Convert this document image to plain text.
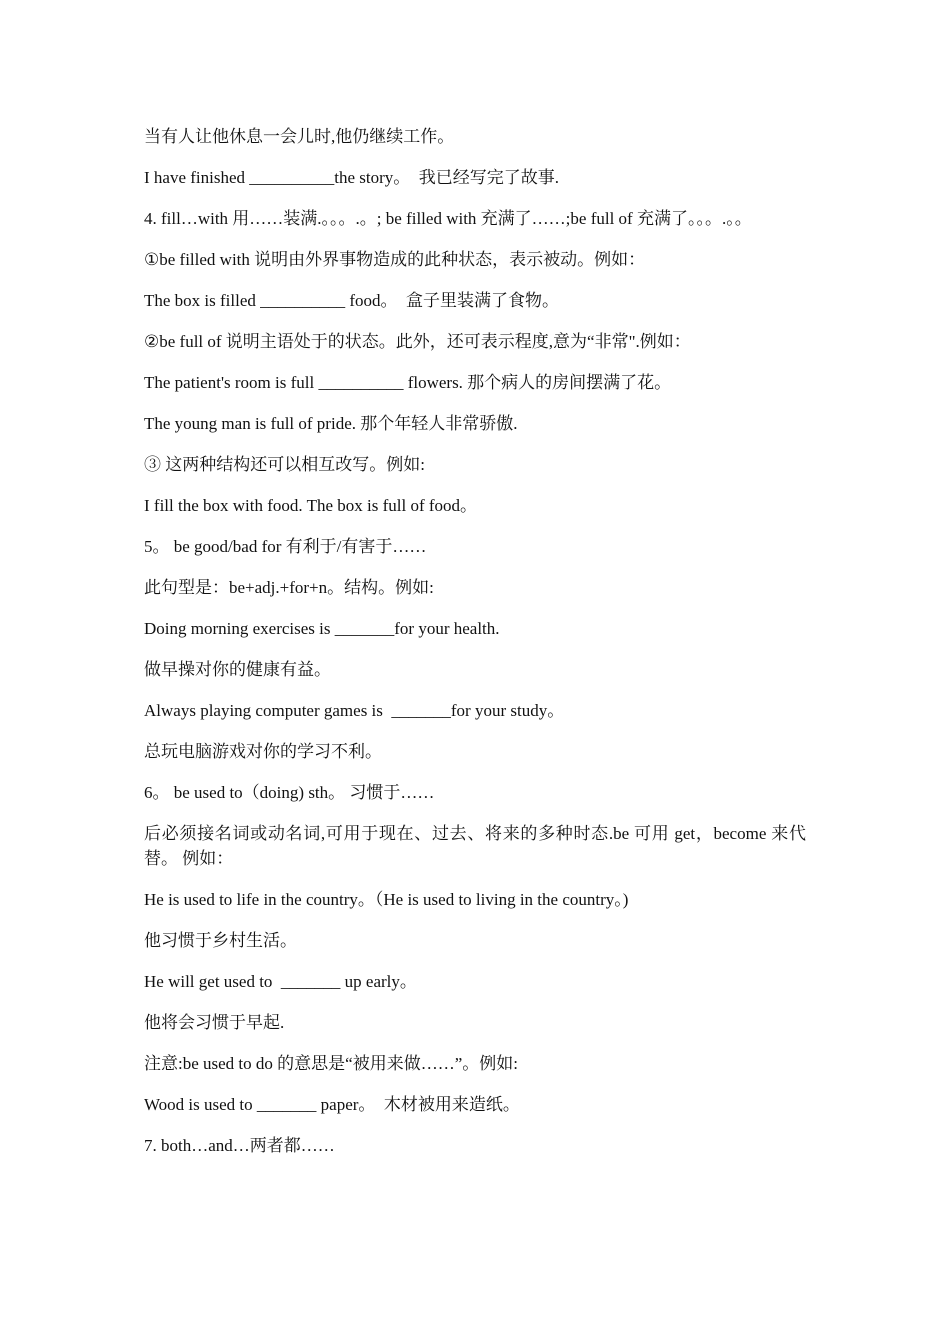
当有人让他休息一会儿时,他仍继续工作。

I have finished __________the story。  我已经写完了故事.

4. fill…with 用……装满.。。。.。; be filled with 充满了……;be full of 充满了。。。.。。

①be filled with 说明由外界事物造成的此种状态，表示被动。例如：

The box is filled __________ food。  盒子里装满了食物。

②be full of 说明主语处于的状态。此外，还可表示程度,意为“非常".例如：

The patient's room is full __________ flowers. 那个病人的房间摆满了花。

The young man is full of pride. 那个年轻人非常骄傲.

③ 这两种结构还可以相互改写。例如:

I fill the box with food. The box is full of food。

5。 be good/bad for 有利于/有害于……

此句型是：be+adj.+for+n。结构。例如:

Doing morning exercises is _______for your health.

做早操对你的健康有益。

Always playing computer games is  _______for your study。

总玩电脑游戏对你的学习不利。

6。 be used to（doing) sth。 习惯于……

后必须接名词或动名词,可用于现在、过去、将来的多种时态.be 可用 get，become 来代替。 例如：

He is used to life in the country。（He is used to living in the country。)

他习惯于乡村生活。

He will get used to  _______ up early。

他将会习惯于早起.

注意:be used to do 的意思是“被用来做……”。例如:

Wood is used to _______ paper。  木材被用来造纸。

7. both…and…两者都……
